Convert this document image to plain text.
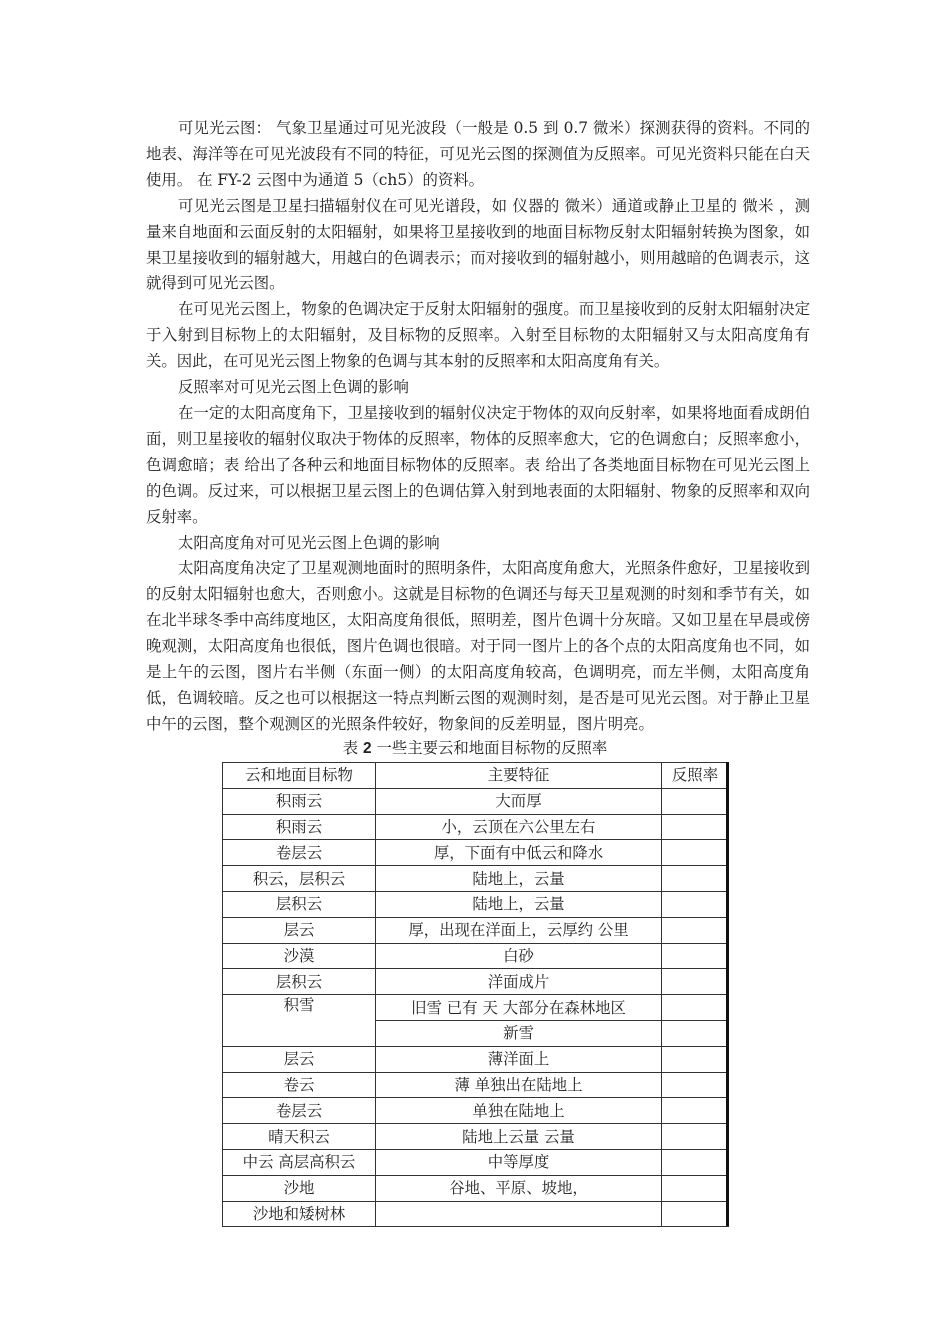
可见光云图： 气象卫星通过可见光波段（一般是 0.5 到 0.7 微米）探测获得的资料。不同的地表、海洋等在可见光波段有不同的特征，可见光云图的探测值为反照率。可见光资料只能在白天使用。 在 FY-2 云图中为通道 5（ch5）的资料。

可见光云图是卫星扫描辐射仪在可见光谱段，如 仪器的 微米）通道或静止卫星的 微米 ，测量来自地面和云面反射的太阳辐射，如果将卫星接收到的地面目标物反射太阳辐射转换为图象，如果卫星接收到的辐射越大，用越白的色调表示；而对接收到的辐射越小，则用越暗的色调表示，这就得到可见光云图。

在可见光云图上，物象的色调决定于反射太阳辐射的强度。而卫星接收到的反射太阳辐射决定于入射到目标物上的太阳辐射，及目标物的反照率。入射至目标物的太阳辐射又与太阳高度角有关。因此，在可见光云图上物象的色调与其本射的反照率和太阳高度角有关。

反照率对可见光云图上色调的影响

在一定的太阳高度角下，卫星接收到的辐射仪决定于物体的双向反射率，如果将地面看成朗伯面，则卫星接收的辐射仪取决于物体的反照率，物体的反照率愈大，它的色调愈白；反照率愈小，色调愈暗；表 给出了各种云和地面目标物体的反照率。表 给出了各类地面目标物在可见光云图上的色调。反过来，可以根据卫星云图上的色调估算入射到地表面的太阳辐射、物象的反照率和双向反射率。

太阳高度角对可见光云图上色调的影响

太阳高度角决定了卫星观测地面时的照明条件，太阳高度角愈大，光照条件愈好，卫星接收到的反射太阳辐射也愈大，否则愈小。这就是目标物的色调还与每天卫星观测的时刻和季节有关，如在北半球冬季中高纬度地区，太阳高度角很低，照明差，图片色调十分灰暗。又如卫星在早晨或傍晚观测，太阳高度角也很低，图片色调也很暗。对于同一图片上的各个点的太阳高度角也不同，如是上午的云图，图片右半侧（东面一侧）的太阳高度角较高，色调明亮，而左半侧，太阳高度角低，色调较暗。反之也可以根据这一特点判断云图的观测时刻，是否是可见光云图。对于静止卫星中午的云图，整个观测区的光照条件较好，物象间的反差明显，图片明亮。

表 2 一些主要云和地面目标物的反照率
云和地面目标物	主要特征	反照率
积雨云	大而厚	
积雨云	小，云顶在六公里左右	
卷层云	厚，下面有中低云和降水	
积云，层积云	陆地上，云量	
层积云	陆地上，云量	
层云	厚，出现在洋面上，云厚约 公里	
沙漠	白砂	
层积云	洋面成片	
积雪	旧雪 已有 天 大部分在森林地区	
	新雪	
层云	薄洋面上	
卷云	薄 单独出在陆地上	
卷层云	单独在陆地上	
晴天积云	陆地上云量 云量	
中云 高层高积云	中等厚度	
沙地	谷地、平原、坡地，	
沙地和矮树林		
